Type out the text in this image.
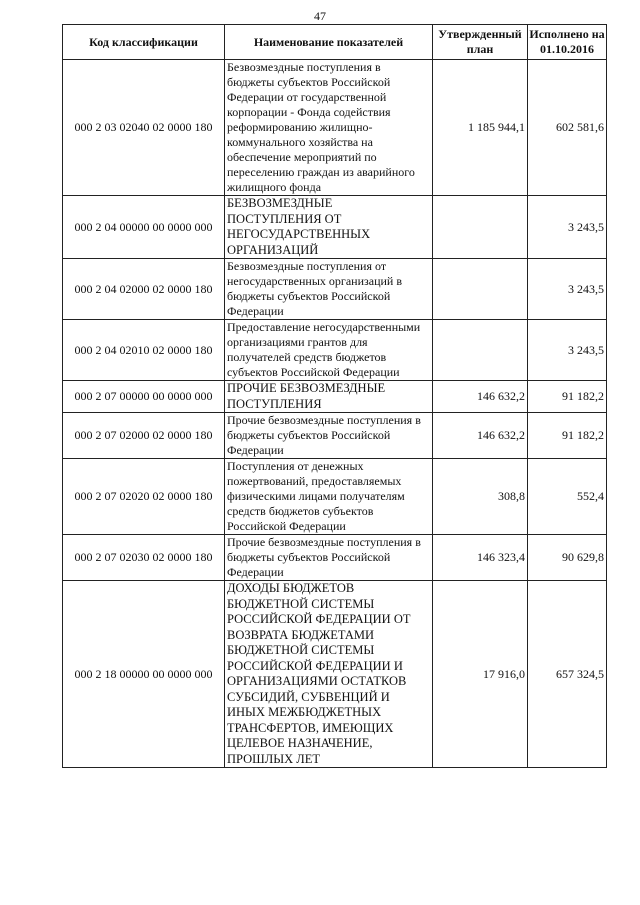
47
Код классификации	Наименование показателей	Утвержденный план	Исполнено на 01.10.2016
000 2 03 02040 02 0000 180	Безвозмездные поступления в бюджеты субъектов Российской Федерации от государственной корпорации - Фонда содействия реформированию жилищно-коммунального хозяйства на обеспечение мероприятий по переселению граждан из аварийного жилищного фонда	1 185 944,1	602 581,6
000 2 04 00000 00 0000 000	БЕЗВОЗМЕЗДНЫЕ ПОСТУПЛЕНИЯ ОТ НЕГОСУДАРСТВЕННЫХ ОРГАНИЗАЦИЙ		3 243,5
000 2 04 02000 02 0000 180	Безвозмездные поступления от негосударственных организаций в бюджеты субъектов Российской Федерации		3 243,5
000 2 04 02010 02 0000 180	Предоставление негосударственными организациями грантов для получателей средств бюджетов субъектов Российской Федерации		3 243,5
000 2 07 00000 00 0000 000	ПРОЧИЕ БЕЗВОЗМЕЗДНЫЕ ПОСТУПЛЕНИЯ	146 632,2	91 182,2
000 2 07 02000 02 0000 180	Прочие безвозмездные поступления в бюджеты субъектов Российской Федерации	146 632,2	91 182,2
000 2 07 02020 02 0000 180	Поступления от денежных пожертвований, предоставляемых физическими лицами получателям средств бюджетов субъектов Российской Федерации	308,8	552,4
000 2 07 02030 02 0000 180	Прочие безвозмездные поступления в бюджеты субъектов Российской Федерации	146 323,4	90 629,8
000 2 18 00000 00 0000 000	ДОХОДЫ БЮДЖЕТОВ БЮДЖЕТНОЙ СИСТЕМЫ РОССИЙСКОЙ ФЕДЕРАЦИИ ОТ ВОЗВРАТА БЮДЖЕТАМИ БЮДЖЕТНОЙ СИСТЕМЫ РОССИЙСКОЙ ФЕДЕРАЦИИ И ОРГАНИЗАЦИЯМИ ОСТАТКОВ СУБСИДИЙ, СУБВЕНЦИЙ И ИНЫХ МЕЖБЮДЖЕТНЫХ ТРАНСФЕРТОВ, ИМЕЮЩИХ ЦЕЛЕВОЕ НАЗНАЧЕНИЕ, ПРОШЛЫХ ЛЕТ	17 916,0	657 324,5
